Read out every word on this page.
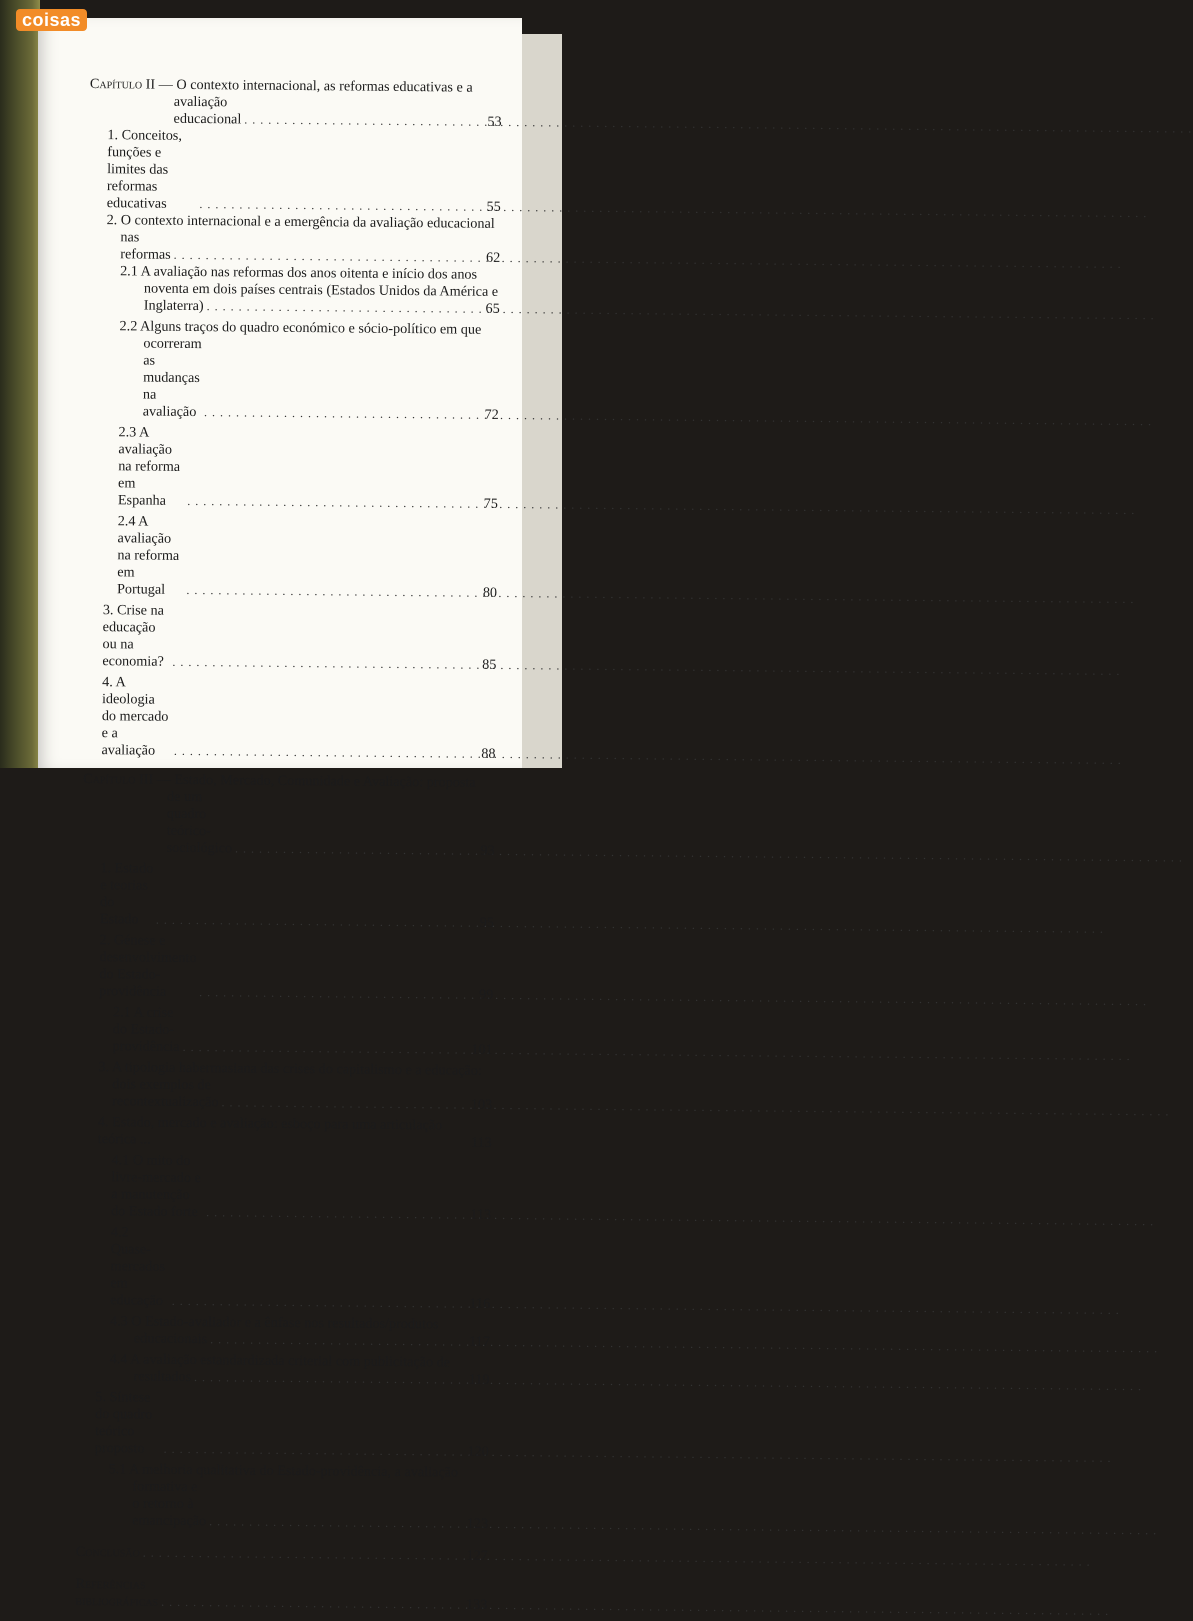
coisas
Capítulo II — O contexto internacional, as reformas educativas e a
avaliação educacional . . .	53
1. Conceitos, funções e limites das reformas educativas . . .	55
2. O contexto internacional e a emergência da avaliação educacional
nas reformas . . .	62
2.1 A avaliação nas reformas dos anos oitenta e início dos anos
noventa em dois países centrais (Estados Unidos da América e
Inglaterra) . . .	65
2.2 Alguns traços do quadro económico e sócio-político em que
ocorreram as mudanças na avaliação . . .	72
2.3 A avaliação na reforma em Espanha . . .	75
2.4 A avaliação na reforma em Portugal . . .	80
3. Crise na educação ou na economia? . . .	85
4. A ideologia do mercado e a avaliação . . .	88
Capítulo III — Estado, Mercado, Comunidade e Avaliação: proposta
de um quadro teórico-sociológico . . .	93
1. Estado e teorias do Estado . . .	95
2. Génese e desenvolvimento do Estado-providência . . .	99
2.1 A crise do Estado-providência . . .	101
3. A tipologia habermasiana das crises do capitalismo e a educação:
dois exemplos de recontextualização . . .	103
4. Estado, mercado e avaliação: esboço para uma articulação teórica ...	113
4.1 O mito do livre-mercado e a manutenção do Estado forte . . .	113
4.2 Quase-mercados em educação . . .	116
4.3 O Estado-avaliador e a ênfase nos resultados/produtos
educacionais . . .	117
4.4 A avaliação estandardizada criterial com publicitação de
resultados . . .	119
5. Síntese do quadro teórico proposto . . .	120
5.1 A melhoria qualitativa do Estado-providência, a avaliação
formativa e o retorno à emancipação . . .	123
Conclusão . . .	127
Referências bibliográficas . . .	133
